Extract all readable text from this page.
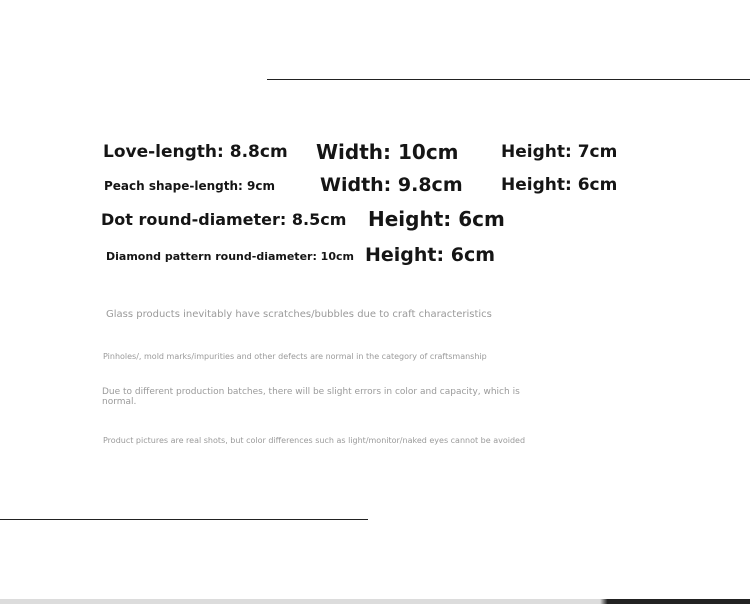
Love-length: 8.8cm Width: 10cm Height: 7cm
Peach shape-length: 9cm Width: 9.8cm Height: 6cm
Dot round-diameter: 8.5cm Height: 6cm
Diamond pattern round-diameter: 10cm Height: 6cm
Glass products inevitably have scratches/bubbles due to craft characteristics
Pinholes/, mold marks/impurities and other defects are normal in the category of craftsmanship
Due to different production batches, there will be slight errors in color and capacity, which is normal.
Product pictures are real shots, but color differences such as light/monitor/naked eyes cannot be avoided
